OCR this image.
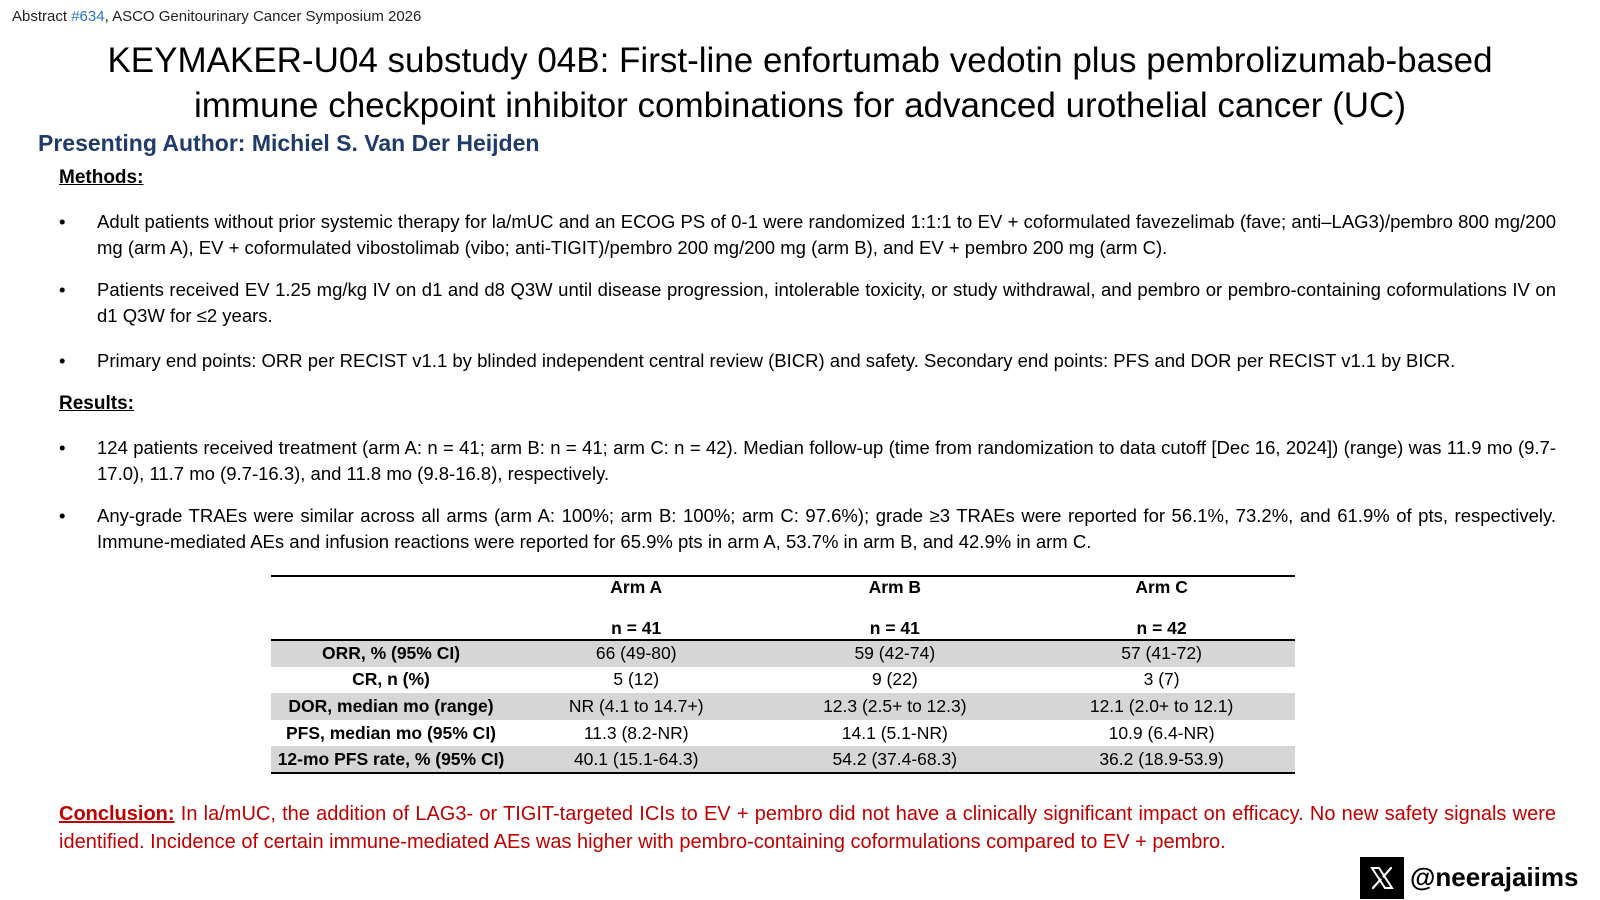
Abstract #634, ASCO Genitourinary Cancer Symposium 2026
KEYMAKER-U04 substudy 04B: First-line enfortumab vedotin plus pembrolizumab-based
immune checkpoint inhibitor combinations for advanced urothelial cancer (UC)
Presenting Author: Michiel S. Van Der Heijden
Methods:
•	Adult patients without prior systemic therapy for la/mUC and an ECOG PS of 0-1 were randomized 1:1:1 to EV + coformulated favezelimab (fave; anti–LAG3)/pembro 800 mg/200 mg (arm A), EV + coformulated vibostolimab (vibo; anti-TIGIT)/pembro 200 mg/200 mg (arm B), and EV + pembro 200 mg (arm C).
•	Patients received EV 1.25 mg/kg IV on d1 and d8 Q3W until disease progression, intolerable toxicity, or study withdrawal, and pembro or pembro-containing coformulations IV on d1 Q3W for ≤2 years.
•	Primary end points: ORR per RECIST v1.1 by blinded independent central review (BICR) and safety. Secondary end points: PFS and DOR per RECIST v1.1 by BICR.
Results:
•	124 patients received treatment (arm A: n = 41; arm B: n = 41; arm C: n = 42). Median follow-up (time from randomization to data cutoff [Dec 16, 2024]) (range) was 11.9 mo (9.7-17.0), 11.7 mo (9.7-16.3), and 11.8 mo (9.8-16.8), respectively.
•	Any-grade TRAEs were similar across all arms (arm A: 100%; arm B: 100%; arm C: 97.6%); grade ≥3 TRAEs were reported for 56.1%, 73.2%, and 61.9% of pts, respectively. Immune-mediated AEs and infusion reactions were reported for 65.9% pts in arm A, 53.7% in arm B, and 42.9% in arm C.
	Arm A	Arm B	Arm C
	n = 41	n = 41	n = 42
ORR, % (95% CI)	66 (49-80)	59 (42-74)	57 (41-72)
CR, n (%)	5 (12)	9 (22)	3 (7)
DOR, median mo (range)	NR (4.1 to 14.7+)	12.3 (2.5+ to 12.3)	12.1 (2.0+ to 12.1)
PFS, median mo (95% CI)	11.3 (8.2-NR)	14.1 (5.1-NR)	10.9 (6.4-NR)
12-mo PFS rate, % (95% CI)	40.1 (15.1-64.3)	54.2 (37.4-68.3)	36.2 (18.9-53.9)
Conclusion: In la/mUC, the addition of LAG3- or TIGIT-targeted ICIs to EV + pembro did not have a clinically significant impact on efficacy. No new safety signals were identified. Incidence of certain immune-mediated AEs was higher with pembro-containing coformulations compared to EV + pembro.
@neerajaiims
